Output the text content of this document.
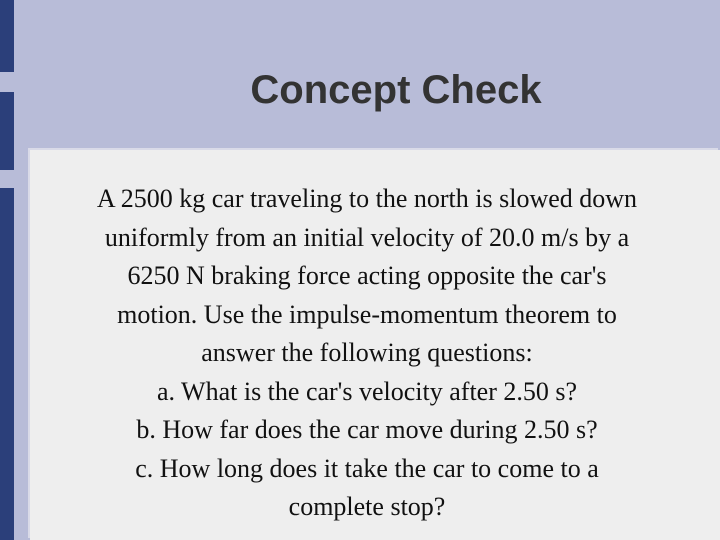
Concept Check
A 2500 kg car traveling to the north is slowed down
uniformly from an initial velocity of 20.0 m/s by a
6250 N braking force acting opposite the car's
motion. Use the impulse-momentum theorem to
answer the following questions:
a. What is the car's velocity after 2.50 s?
b. How far does the car move during 2.50 s?
c. How long does it take the car to come to a
complete stop?
